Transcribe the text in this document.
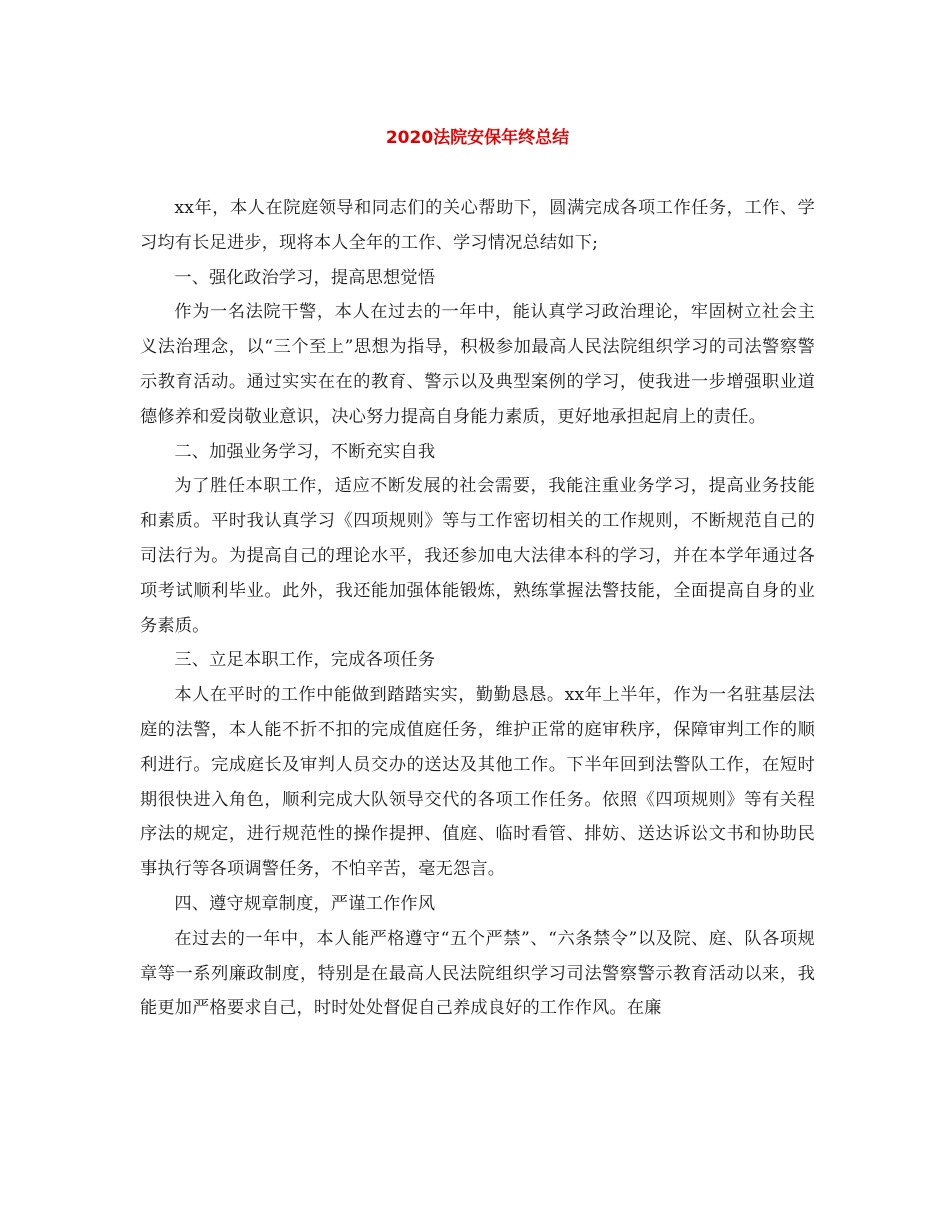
2020法院安保年终总结

xx年，本人在院庭领导和同志们的关心帮助下，圆满完成各项工作任务，工作、学习均有长足进步，现将本人全年的工作、学习情况总结如下;

一、强化政治学习，提高思想觉悟

作为一名法院干警，本人在过去的一年中，能认真学习政治理论，牢固树立社会主义法治理念，以“三个至上”思想为指导，积极参加最高人民法院组织学习的司法警察警示教育活动。通过实实在在的教育、警示以及典型案例的学习，使我进一步增强职业道德修养和爱岗敬业意识，决心努力提高自身能力素质，更好地承担起肩上的责任。

二、加强业务学习，不断充实自我

为了胜任本职工作，适应不断发展的社会需要，我能注重业务学习，提高业务技能和素质。平时我认真学习《四项规则》等与工作密切相关的工作规则，不断规范自己的司法行为。为提高自己的理论水平，我还参加电大法律本科的学习，并在本学年通过各项考试顺利毕业。此外，我还能加强体能锻炼，熟练掌握法警技能，全面提高自身的业务素质。

三、立足本职工作，完成各项任务

本人在平时的工作中能做到踏踏实实，勤勤恳恳。xx年上半年，作为一名驻基层法庭的法警，本人能不折不扣的完成值庭任务，维护正常的庭审秩序，保障审判工作的顺利进行。完成庭长及审判人员交办的送达及其他工作。下半年回到法警队工作，在短时期很快进入角色，顺利完成大队领导交代的各项工作任务。依照《四项规则》等有关程序法的规定，进行规范性的操作提押、值庭、临时看管、排妨、送达诉讼文书和协助民事执行等各项调警任务，不怕辛苦，毫无怨言。

四、遵守规章制度，严谨工作作风

在过去的一年中，本人能严格遵守“五个严禁”、“六条禁令”以及院、庭、队各项规章等一系列廉政制度，特别是在最高人民法院组织学习司法警察警示教育活动以来，我能更加严格要求自己，时时处处督促自己养成良好的工作作风。在廉
